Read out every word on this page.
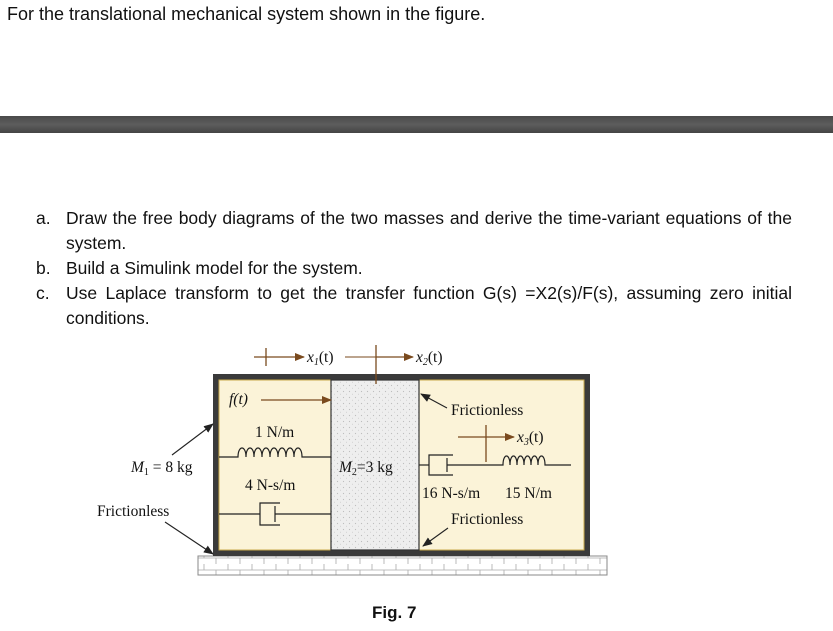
For the translational mechanical system shown in the figure.
a. Draw the free body diagrams of the two masses and derive the time-variant equations of the system.
b. Build a Simulink model for the system.
c. Use Laplace transform to get the transfer function G(s) =X2(s)/F(s), assuming zero initial conditions.
x1(t)	x2(t)
f(t)
1 N/m
4 N-s/m
M1 = 8 kg
Frictionless
M2=3 kg
Frictionless
x3(t)
16 N-s/m 15 N/m
Frictionless
Fig. 7
